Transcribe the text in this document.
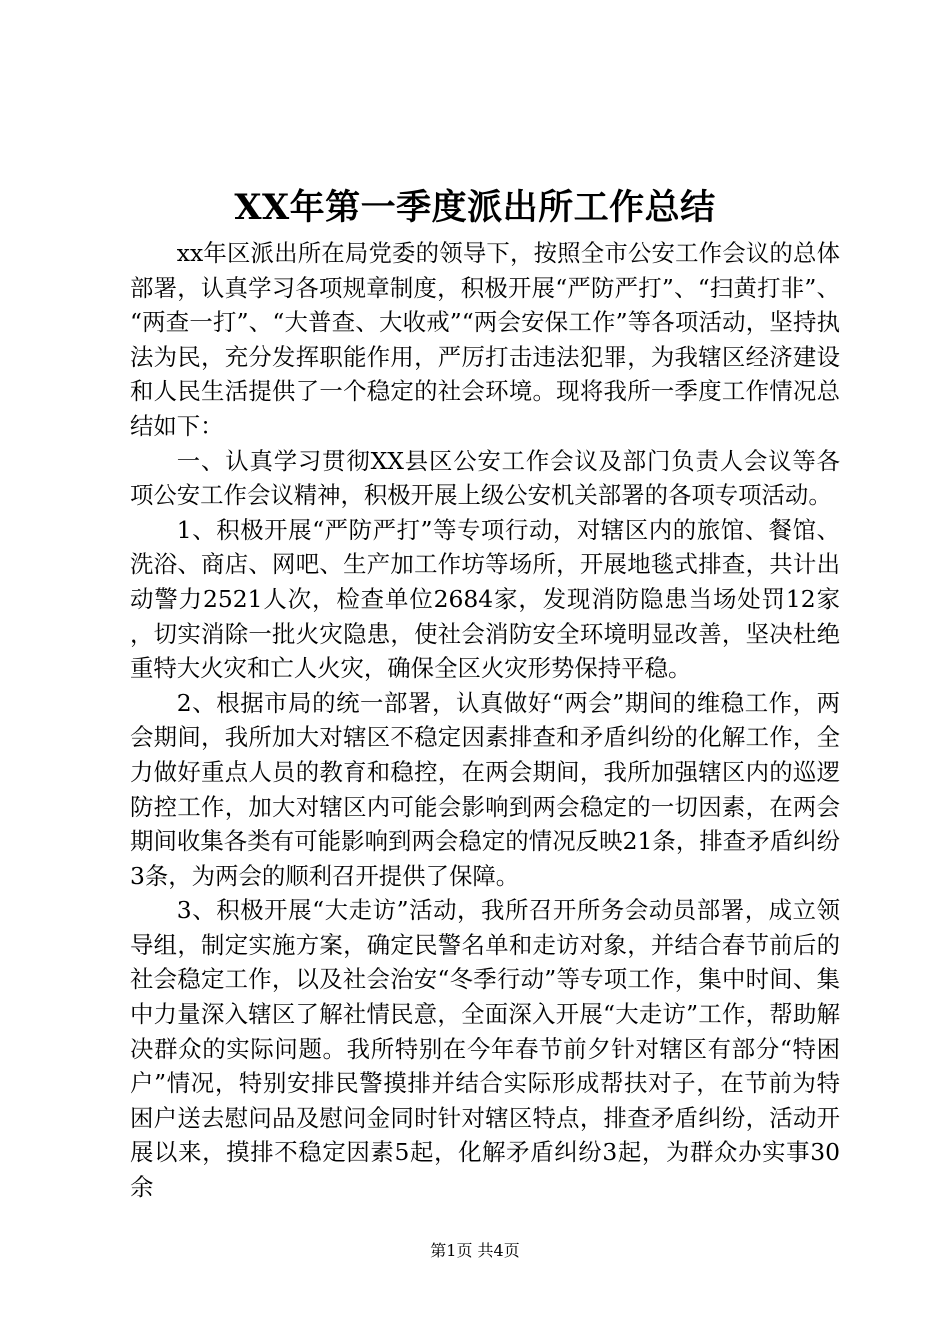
XX年第一季度派出所工作总结

xx年区派出所在局党委的领导下，按照全市公安工作会议的总体部署，认真学习各项规章制度，积极开展“严防严打”、“扫黄打非”、“两查一打”、“大普查、大收戒”“两会安保工作”等各项活动，坚持执法为民，充分发挥职能作用，严厉打击违法犯罪，为我辖区经济建设和人民生活提供了一个稳定的社会环境。现将我所一季度工作情况总结如下：

一、认真学习贯彻XX县区公安工作会议及部门负责人会议等各项公安工作会议精神，积极开展上级公安机关部署的各项专项活动。

1、积极开展“严防严打”等专项行动，对辖区内的旅馆、餐馆、洗浴、商店、网吧、生产加工作坊等场所，开展地毯式排查，共计出动警力2521人次，检查单位2684家，发现消防隐患当场处罚12家，切实消除一批火灾隐患，使社会消防安全环境明显改善，坚决杜绝重特大火灾和亡人火灾，确保全区火灾形势保持平稳。

2、根据市局的统一部署，认真做好“两会”期间的维稳工作，两会期间，我所加大对辖区不稳定因素排查和矛盾纠纷的化解工作，全力做好重点人员的教育和稳控，在两会期间，我所加强辖区内的巡逻防控工作，加大对辖区内可能会影响到两会稳定的一切因素，在两会期间收集各类有可能影响到两会稳定的情况反映21条，排查矛盾纠纷3条，为两会的顺利召开提供了保障。

3、积极开展“大走访”活动，我所召开所务会动员部署，成立领导组，制定实施方案，确定民警名单和走访对象，并结合春节前后的社会稳定工作，以及社会治安“冬季行动”等专项工作，集中时间、集中力量深入辖区了解社情民意，全面深入开展“大走访”工作，帮助解决群众的实际问题。我所特别在今年春节前夕针对辖区有部分“特困户”情况，特别安排民警摸排并结合实际形成帮扶对子，在节前为特困户送去慰问品及慰问金同时针对辖区特点，排查矛盾纠纷，活动开展以来，摸排不稳定因素5起，化解矛盾纠纷3起，为群众办实事30余

第1页 共4页
